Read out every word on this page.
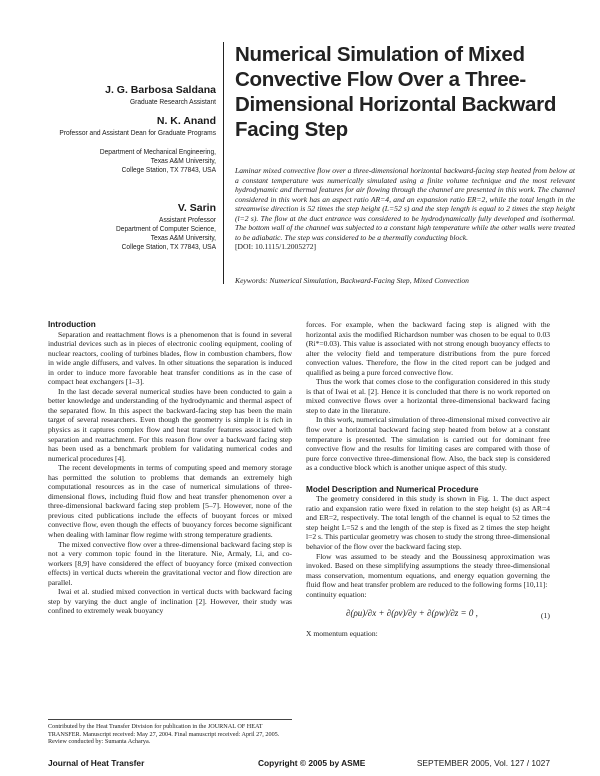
J. G. Barbosa Saldana

Graduate Research Assistant

N. K. Anand

Professor and Assistant Dean for Graduate Programs

Department of Mechanical Engineering,

Texas A&M University,

College Station, TX 77843, USA

V. Sarin

Assistant Professor

Department of Computer Science,

Texas A&M University,

College Station, TX 77843, USA

Numerical Simulation of Mixed Convective Flow Over a Three-Dimensional Horizontal Backward Facing Step
Laminar mixed convective flow over a three-dimensional horizontal backward-facing step heated from below at a constant temperature was numerically simulated using a finite volume technique and the most relevant hydrodynamic and thermal features for air flowing through the channel are presented in this work. The channel considered in this work has an aspect ratio AR=4, and an expansion ratio ER=2, while the total length in the streamwise direction is 52 times the step height (L=52 s) and the step length is equal to 2 times the step height (l=2 s). The flow at the duct entrance was considered to be hydrodynamically fully developed and isothermal. The bottom wall of the channel was subjected to a constant high temperature while the other walls were treated to be adiabatic. The step was considered to be a thermally conducting block.
[DOI: 10.1115/1.2005272]
Keywords: Numerical Simulation, Backward-Facing Step, Mixed Convection

Introduction

Separation and reattachment flows is a phenomenon that is found in several industrial devices such as in pieces of electronic cooling equipment, cooling of nuclear reactors, cooling of turbines blades, flow in combustion chambers, flow in wide angle diffusers, and valves. In other situations the separation is induced in order to induce more favorable heat transfer conditions as in the case of compact heat exchangers [1–3].

In the last decade several numerical studies have been conducted to gain a better knowledge and understanding of the hydrodynamic and thermal aspect of the separated flow. In this aspect the backward-facing step has been the main target of several researchers. Even though the geometry is simple it is rich in physics as it captures complex flow and heat transfer features associated with separation and reattachment. For this reason flow over a backward facing step has been used as a benchmark problem for validating numerical codes and numerical procedures [4].

The recent developments in terms of computing speed and memory storage has permitted the solution to problems that demands an extremely high computational resources as in the case of numerical simulations of three-dimensional flows, including fluid flow and heat transfer phenomenon over a three-dimensional backward facing step problem [5–7]. However, none of the previous cited publications include the effects of buoyant forces or mixed convective flow, even though the effects of buoyancy forces become significant when dealing with laminar flow regime with strong temperature gradients.

The mixed convective flow over a three-dimensional backward facing step is not a very common topic found in the literature. Nie, Armaly, Li, and co-workers [8,9] have considered the effect of buoyancy force (mixed convection effects) in vertical ducts wherein the gravitational vector and flow direction are parallel.

Iwai et al. studied mixed convection in vertical ducts with backward facing step by varying the duct angle of inclination [2]. However, their study was confined to extremely weak buoyancy

Contributed by the Heat Transfer Division for publication in the JOURNAL OF HEAT TRANSFER. Manuscript received: May 27, 2004. Final manuscript received: April 27, 2005. Review conducted by: Sumanta Acharya.

forces. For example, when the backward facing step is aligned with the horizontal axis the modified Richardson number was chosen to be equal to 0.03 (Ri*=0.03). This value is associated with not strong enough buoyancy effects to alter the velocity field and temperature distributions from the pure forced convection values. Therefore, the flow in the cited report can be judged and qualified as being a pure forced convective flow.

Thus the work that comes close to the configuration considered in this study is that of Iwai et al. [2]. Hence it is concluded that there is no work reported on mixed convective flows over a horizontal three-dimensional backward facing step to date in the literature.

In this work, numerical simulation of three-dimensional mixed convective air flow over a horizontal backward facing step heated from below at a constant temperature is presented. The simulation is carried out for dominant free convective flow and the results for limiting cases are compared with those of pure force convective three-dimensional flow. Also, the back step is considered as a conductive block which is another unique aspect of this study.

Model Description and Numerical Procedure

The geometry considered in this study is shown in Fig. 1. The duct aspect ratio and expansion ratio were fixed in relation to the step height (s) as AR=4 and ER=2, respectively. The total length of the channel is equal to 52 times the step height L=52 s and the length of the step is fixed as 2 times the step height l=2 s. This particular geometry was chosen to study the strong three-dimensional behavior of the flow over the backward facing step.

Flow was assumed to be steady and the Boussinesq approximation was invoked. Based on these simplifying assumptions the steady three-dimensional mass conservation, momentum equations, and energy equation governing the fluid flow and heat transfer problem are reduced to the following forms [10,11]:

continuity equation:

∂(ρu)/∂x + ∂(ρv)/∂y + ∂(ρw)/∂z = 0 ,	(1)

X momentum equation:

Journal of Heat Transfer	Copyright © 2005 by ASME	SEPTEMBER 2005, Vol. 127 / 1027
